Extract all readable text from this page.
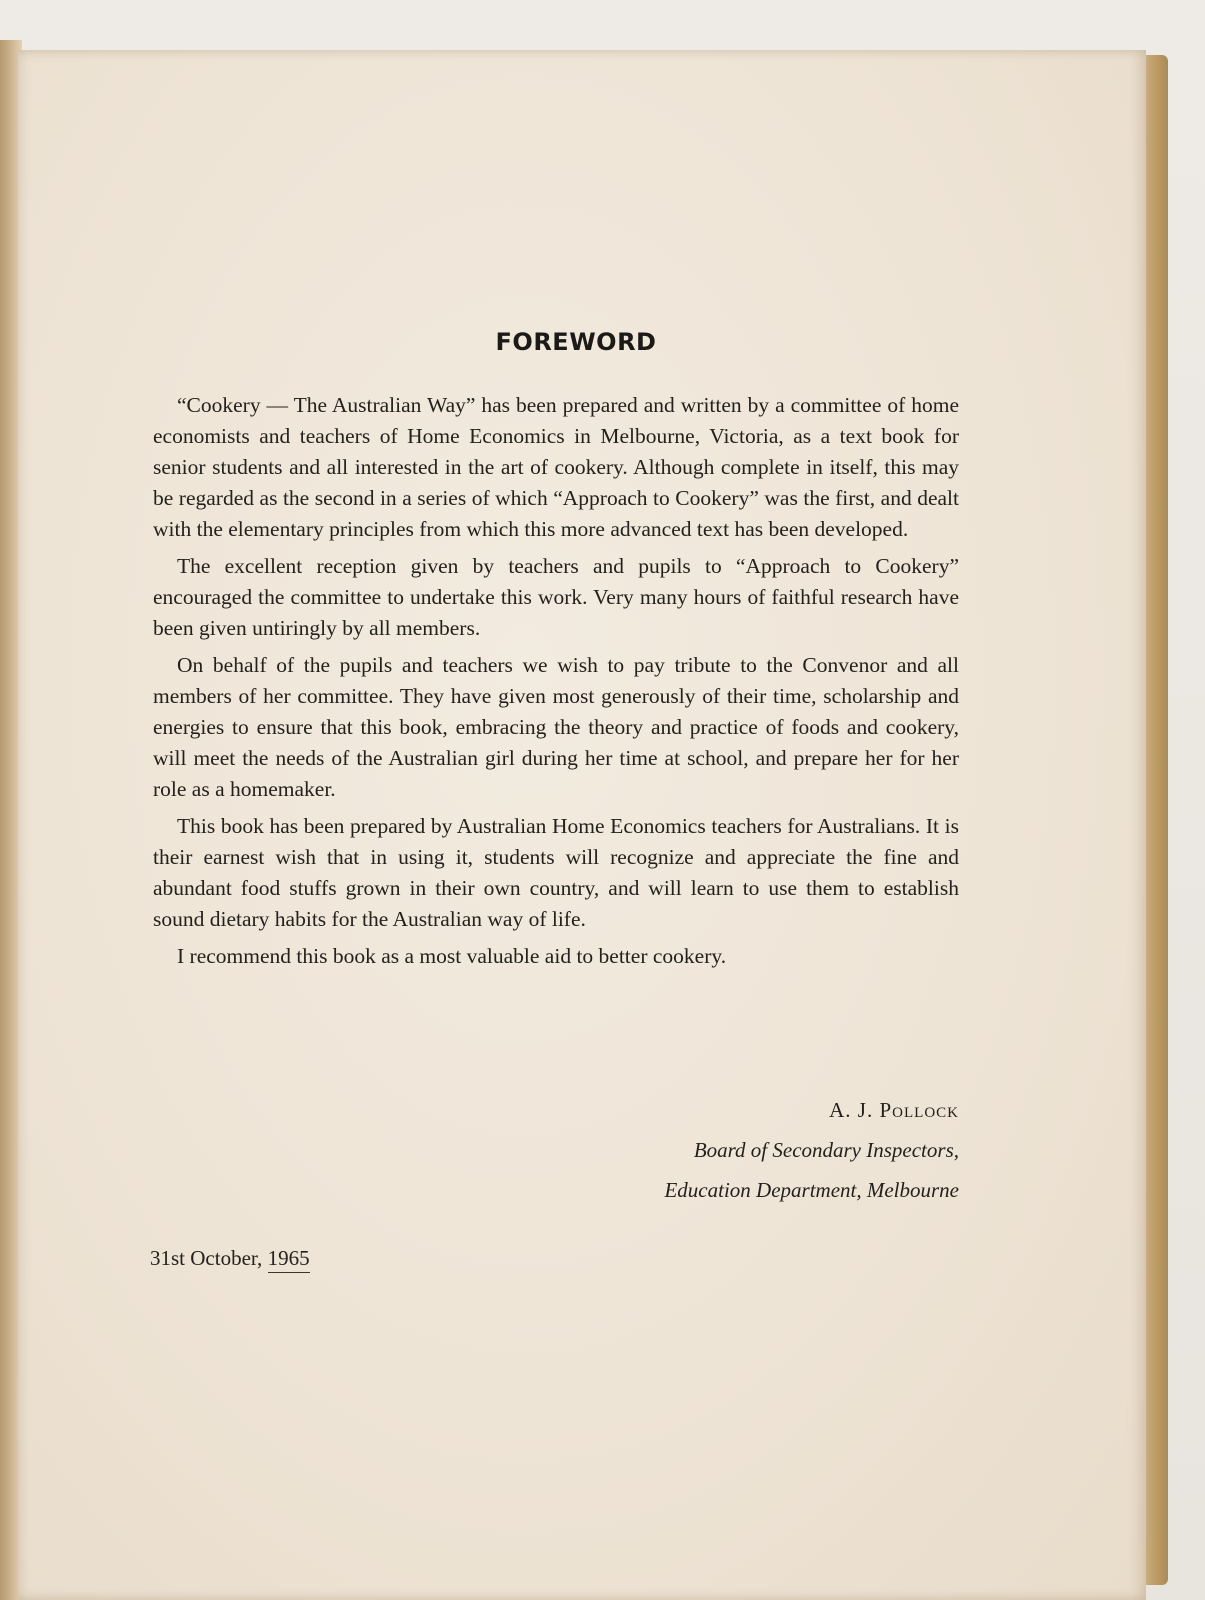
FOREWORD

“Cookery — The Australian Way” has been prepared and written by a committee of home economists and teachers of Home Economics in Melbourne, Victoria, as a text book for senior students and all interested in the art of cookery. Although complete in itself, this may be regarded as the second in a series of which “Approach to Cookery” was the first, and dealt with the elementary principles from which this more advanced text has been developed.

The excellent reception given by teachers and pupils to “Approach to Cookery” encouraged the committee to undertake this work. Very many hours of faithful research have been given untiringly by all members.

On behalf of the pupils and teachers we wish to pay tribute to the Convenor and all members of her committee. They have given most generously of their time, scholarship and energies to ensure that this book, embracing the theory and practice of foods and cookery, will meet the needs of the Australian girl during her time at school, and prepare her for her role as a homemaker.

This book has been prepared by Australian Home Economics teachers for Australians. It is their earnest wish that in using it, students will recognize and appreciate the fine and abundant food stuffs grown in their own country, and will learn to use them to establish sound dietary habits for the Australian way of life.

I recommend this book as a most valuable aid to better cookery.

A. J. Pollock
Board of Secondary Inspectors,
Education Department, Melbourne
31st October, 1965
